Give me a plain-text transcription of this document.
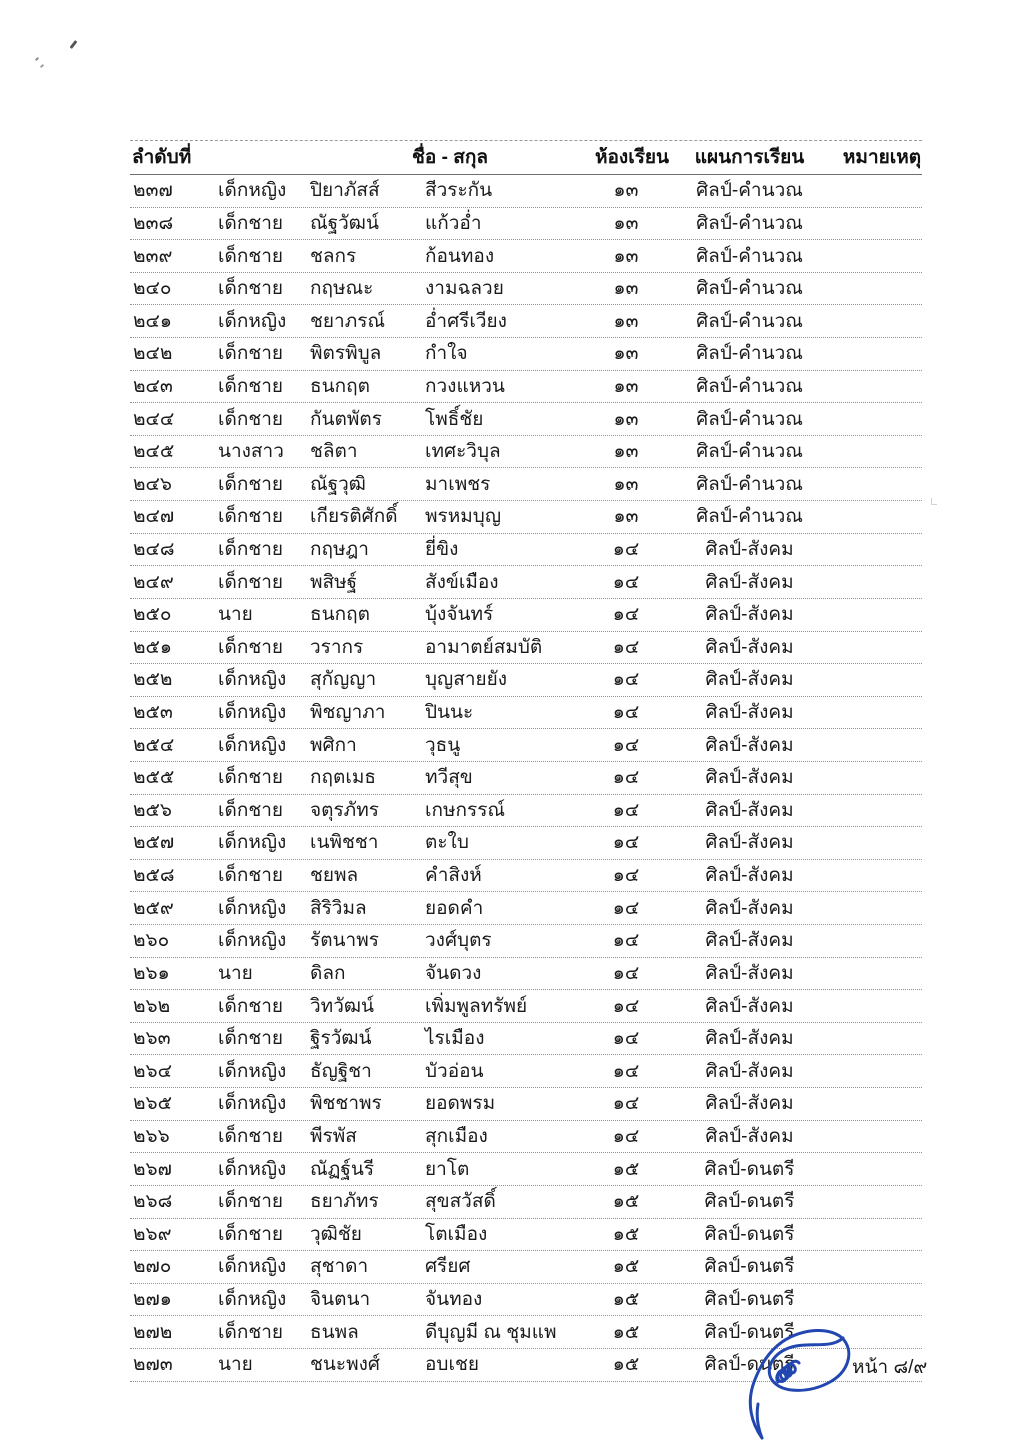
ลำดับที่	ชื่อ - สกุล	ห้องเรียน	แผนการเรียน	หมายเหตุ
๒๓๗	เด็กหญิง	ปิยาภัสส์	สีวระกัน	๑๓	ศิลป์-คำนวณ
๒๓๘	เด็กชาย	ณัฐวัฒน์	แก้วอ่ำ	๑๓	ศิลป์-คำนวณ
๒๓๙	เด็กชาย	ชลกร	ก้อนทอง	๑๓	ศิลป์-คำนวณ
๒๔๐	เด็กชาย	กฤษณะ	งามฉลวย	๑๓	ศิลป์-คำนวณ
๒๔๑	เด็กหญิง	ชยาภรณ์	อ่ำศรีเวียง	๑๓	ศิลป์-คำนวณ
๒๔๒	เด็กชาย	พิตรพิบูล	กำใจ	๑๓	ศิลป์-คำนวณ
๒๔๓	เด็กชาย	ธนกฤต	กวงแหวน	๑๓	ศิลป์-คำนวณ
๒๔๔	เด็กชาย	กันตพัตร	โพธิ์ชัย	๑๓	ศิลป์-คำนวณ
๒๔๕	นางสาว	ชลิตา	เทศะวิบุล	๑๓	ศิลป์-คำนวณ
๒๔๖	เด็กชาย	ณัฐวุฒิ	มาเพชร	๑๓	ศิลป์-คำนวณ
๒๔๗	เด็กชาย	เกียรติศักดิ์	พรหมบุญ	๑๓	ศิลป์-คำนวณ
๒๔๘	เด็กชาย	กฤษฎา	ยี่ขิง	๑๔	ศิลป์-สังคม
๒๔๙	เด็กชาย	พสิษฐ์	สังข์เมือง	๑๔	ศิลป์-สังคม
๒๕๐	นาย	ธนกฤต	บุ้งจันทร์	๑๔	ศิลป์-สังคม
๒๕๑	เด็กชาย	วรากร	อามาตย์สมบัติ	๑๔	ศิลป์-สังคม
๒๕๒	เด็กหญิง	สุกัญญา	บุญสายยัง	๑๔	ศิลป์-สังคม
๒๕๓	เด็กหญิง	พิชญาภา	ปินนะ	๑๔	ศิลป์-สังคม
๒๕๔	เด็กหญิง	พศิกา	วุธนู	๑๔	ศิลป์-สังคม
๒๕๕	เด็กชาย	กฤตเมธ	ทวีสุข	๑๔	ศิลป์-สังคม
๒๕๖	เด็กชาย	จตุรภัทร	เกษกรรณ์	๑๔	ศิลป์-สังคม
๒๕๗	เด็กหญิง	เนพิชชา	ตะใบ	๑๔	ศิลป์-สังคม
๒๕๘	เด็กชาย	ชยพล	คำสิงห์	๑๔	ศิลป์-สังคม
๒๕๙	เด็กหญิง	สิริวิมล	ยอดคำ	๑๔	ศิลป์-สังคม
๒๖๐	เด็กหญิง	รัตนาพร	วงศ์บุตร	๑๔	ศิลป์-สังคม
๒๖๑	นาย	ดิลก	จันดวง	๑๔	ศิลป์-สังคม
๒๖๒	เด็กชาย	วิทวัฒน์	เพิ่มพูลทรัพย์	๑๔	ศิลป์-สังคม
๒๖๓	เด็กชาย	ฐิรวัฒน์	ไรเมือง	๑๔	ศิลป์-สังคม
๒๖๔	เด็กหญิง	ธัญฐิชา	บัวอ่อน	๑๔	ศิลป์-สังคม
๒๖๕	เด็กหญิง	พิชชาพร	ยอดพรม	๑๔	ศิลป์-สังคม
๒๖๖	เด็กชาย	พีรพัส	สุกเมือง	๑๔	ศิลป์-สังคม
๒๖๗	เด็กหญิง	ณัฏฐ์นรี	ยาโต	๑๕	ศิลป์-ดนตรี
๒๖๘	เด็กชาย	ธยาภัทร	สุขสวัสดิ์	๑๕	ศิลป์-ดนตรี
๒๖๙	เด็กชาย	วุฒิชัย	โตเมือง	๑๕	ศิลป์-ดนตรี
๒๗๐	เด็กหญิง	สุชาดา	ศรียศ	๑๕	ศิลป์-ดนตรี
๒๗๑	เด็กหญิง	จินตนา	จันทอง	๑๕	ศิลป์-ดนตรี
๒๗๒	เด็กชาย	ธนพล	ดีบุญมี ณ ชุมแพ	๑๕	ศิลป์-ดนตรี
๒๗๓	นาย	ชนะพงศ์	อบเชย	๑๕	ศิลป์-ดนตรี	หน้า ๘/๙
